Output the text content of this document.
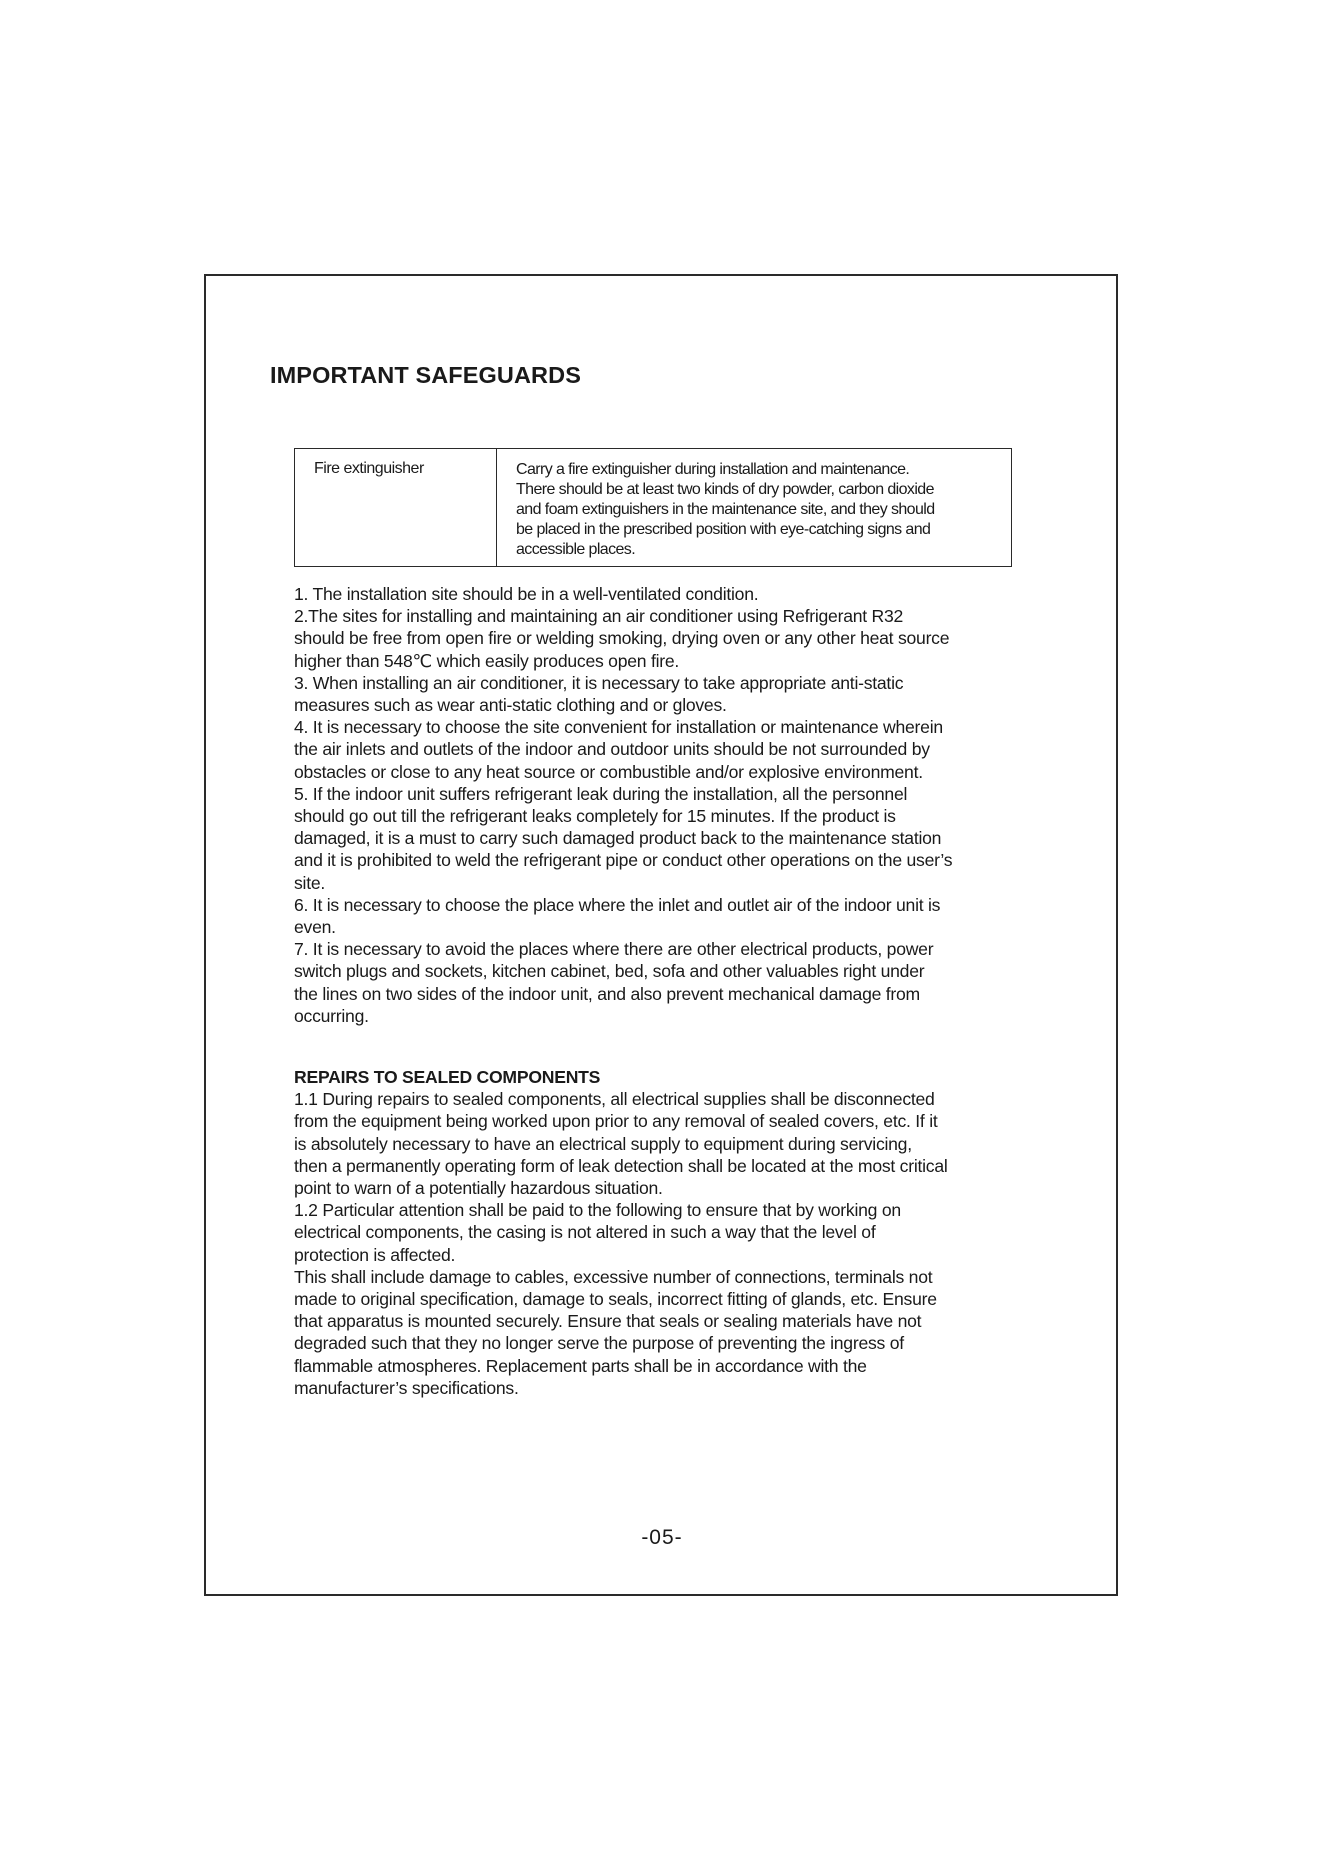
IMPORTANT SAFEGUARDS
Fire extinguisher	Carry a fire extinguisher during installation and maintenance.
There should be at least two kinds of dry powder, carbon dioxide
and foam extinguishers in the maintenance site, and they should
be placed in the prescribed position with eye-catching signs and
accessible places.
1. The installation site should be in a well-ventilated condition.
2.The sites for installing and maintaining an air conditioner using Refrigerant R32
should be free from open fire or welding smoking, drying oven or any other heat source
higher than 548℃ which easily produces open fire.
3. When installing an air conditioner, it is necessary to take appropriate anti-static
measures such as wear anti-static clothing and or gloves.
4. It is necessary to choose the site convenient for installation or maintenance wherein
the air inlets and outlets of the indoor and outdoor units should be not surrounded by
obstacles or close to any heat source or combustible and/or explosive environment.
5. If the indoor unit suffers refrigerant leak during the installation, all the personnel
should go out till the refrigerant leaks completely for 15 minutes. If the product is
damaged, it is a must to carry such damaged product back to the maintenance station
and it is prohibited to weld the refrigerant pipe or conduct other operations on the user’s
site.
6. It is necessary to choose the place where the inlet and outlet air of the indoor unit is
even.
7. It is necessary to avoid the places where there are other electrical products, power
switch plugs and sockets, kitchen cabinet, bed, sofa and other valuables right under
the lines on two sides of the indoor unit, and also prevent mechanical damage from
occurring.
REPAIRS TO SEALED COMPONENTS
1.1 During repairs to sealed components, all electrical supplies shall be disconnected
from the equipment being worked upon prior to any removal of sealed covers, etc. If it
is absolutely necessary to have an electrical supply to equipment during servicing,
then a permanently operating form of leak detection shall be located at the most critical
point to warn of a potentially hazardous situation.
1.2 Particular attention shall be paid to the following to ensure that by working on
electrical components, the casing is not altered in such a way that the level of
protection is affected.
This shall include damage to cables, excessive number of connections, terminals not
made to original specification, damage to seals, incorrect fitting of glands, etc. Ensure
that apparatus is mounted securely. Ensure that seals or sealing materials have not
degraded such that they no longer serve the purpose of preventing the ingress of
flammable atmospheres. Replacement parts shall be in accordance with the
manufacturer’s specifications.
-05-
